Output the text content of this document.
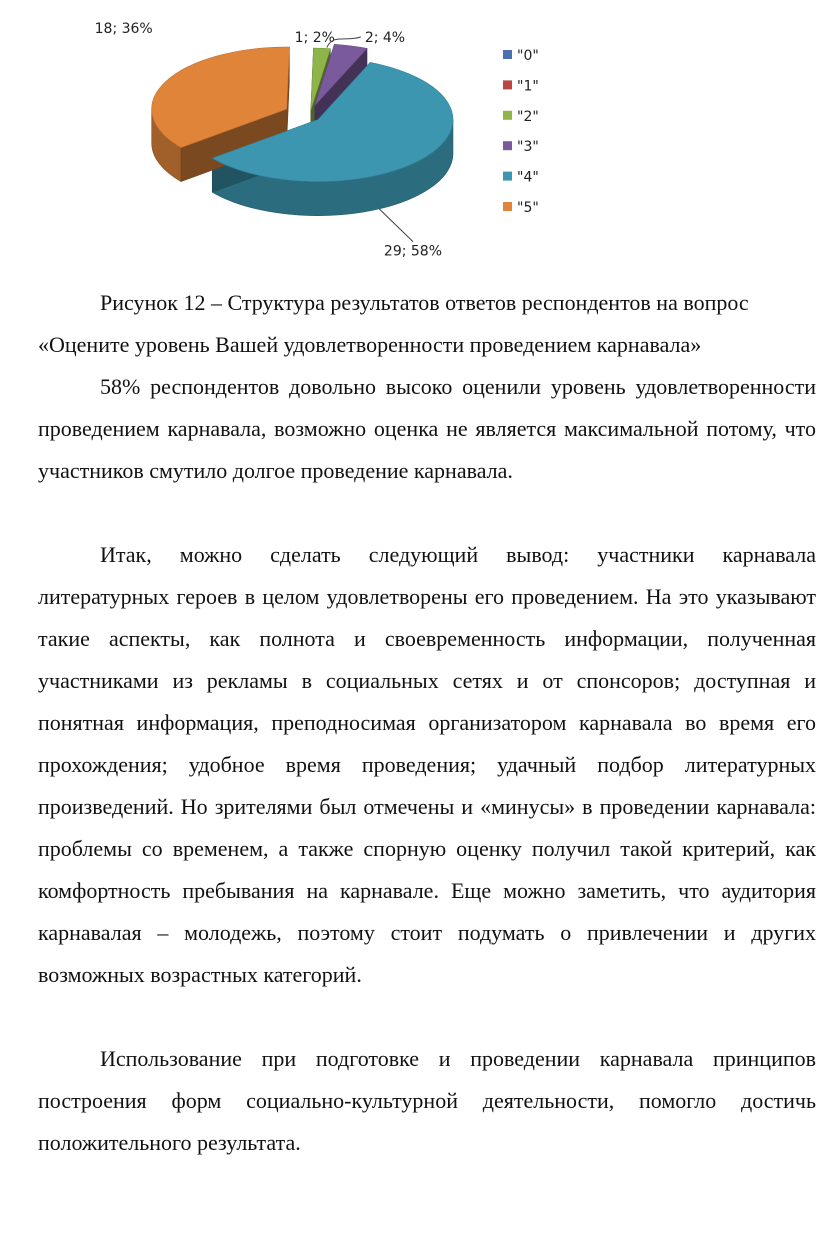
1; 2% 2; 4%
29; 58%
18; 36%
"0"
"1"
"2"
"3"
"4"
"5"
Рисунок 12 – Структура результатов ответов респондентов на вопрос «Оцените уровень Вашей удовлетворенности проведением карнавала»
58% респондентов довольно высоко оценили уровень удовлетворенности проведением карнавала, возможно оценка не является максимальной потому, что участников смутило долгое проведение карнавала.
Итак, можно сделать следующий вывод: участники карнавала литературных героев в целом удовлетворены его проведением. На это указывают такие аспекты, как полнота и своевременность информации, полученная участниками из рекламы в социальных сетях и от спонсоров; доступная и понятная информация, преподносимая организатором карнавала во время его прохождения; удобное время проведения; удачный подбор литературных произведений. Но зрителями был отмечены и «минусы» в проведении карнавала: проблемы со временем, а также спорную оценку получил такой критерий, как комфортность пребывания на карнавале. Еще можно заметить, что аудитория карнавалая – молодежь, поэтому стоит подумать о привлечении и других возможных возрастных категорий.
Использование при подготовке и проведении карнавала принципов построения форм социально-культурной деятельности, помогло достичь положительного результата.
